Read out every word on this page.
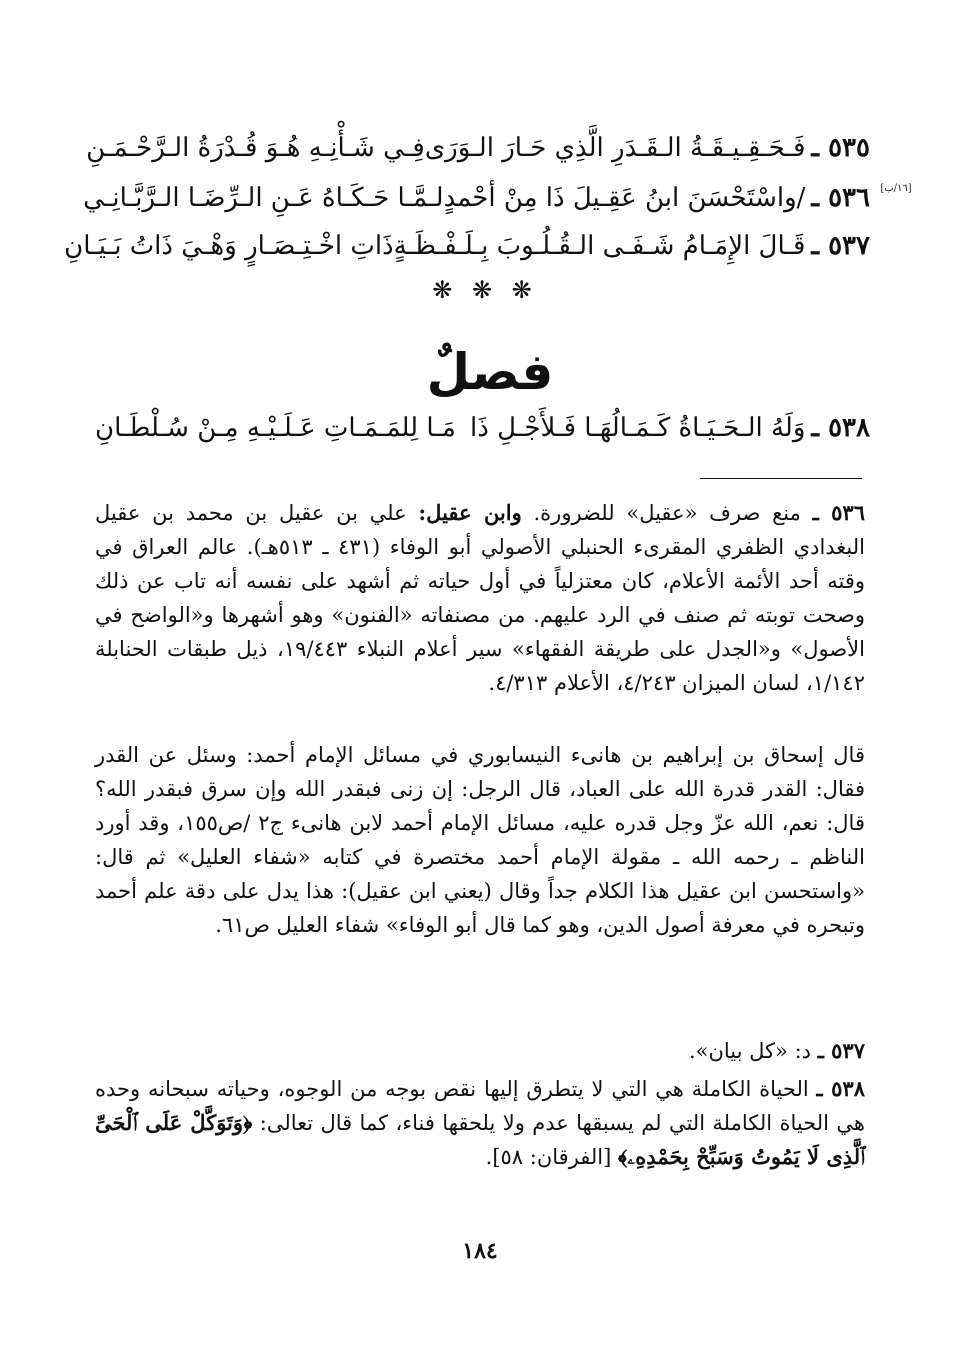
٥٣٥ ـ
فَـحَـقِـيـقَـةُ الـقَـدَرِ الَّذِي حَـارَ الـوَرَى
فِـي شَـأْنِـهِ هُـوَ قُـدْرَةُ الـرَّحْـمَـنِ
[١٦/ب]
٥٣٦ ـ
/واسْتَحْسَنَ ابنُ عَقِـيلَ ذَا مِنْ أحْمدٍ
لـمَّـا حَـكَـاهُ عَـنِ الـرِّضَـا الـرَّبَّـانِـي
٥٣٧ ـ
قَـالَ الإِمَـامُ شَـفَـى الـقُـلُـوبَ بِـلَـفْـظَـةٍ
ذَاتِ اخْـتِـصَـارٍ وَهْـيَ ذَاتُ بَـيَـانِ
❋ ❋ ❋
فصلٌ
٥٣٨ ـ
وَلَهُ الـحَـيَـاةُ كَـمَـالُهَـا فَـلأَجْـلِ ذَا
مَـا لِلمَـمَـاتِ عَـلَـيْـهِ مِـنْ سُـلْطَـانِ
٥٣٦ ـ منع صرف «عقيل» للضرورة. وابن عقيل: علي بن عقيل بن محمد بن عقيل البغدادي الظفري المقرىء الحنبلي الأصولي أبو الوفاء (٤٣١ ـ ٥١٣هـ). عالم العراق في وقته أحد الأئمة الأعلام، كان معتزلياً في أول حياته ثم أشهد على نفسه أنه تاب عن ذلك وصحت توبته ثم صنف في الرد عليهم. من مصنفاته «الفنون» وهو أشهرها و«الواضح في الأصول» و«الجدل على طريقة الفقهاء» سير أعلام النبلاء ١٩/٤٤٣، ذيل طبقات الحنابلة ١/١٤٢، لسان الميزان ٤/٢٤٣، الأعلام ٤/٣١٣.
قال إسحاق بن إبراهيم بن هانىء النيسابوري في مسائل الإمام أحمد: وسئل عن القدر فقال: القدر قدرة الله على العباد، قال الرجل: إن زنى فبقدر الله وإن سرق فبقدر الله؟ قال: نعم، الله عزّ وجل قدره عليه، مسائل الإمام أحمد لابن هانىء ج٢ /ص١٥٥، وقد أورد الناظم ـ رحمه الله ـ مقولة الإمام أحمد مختصرة في كتابه «شفاء العليل» ثم قال: «واستحسن ابن عقيل هذا الكلام جداً وقال (يعني ابن عقيل): هذا يدل على دقة علم أحمد وتبحره في معرفة أصول الدين، وهو كما قال أبو الوفاء» شفاء العليل ص٦١.
٥٣٧ ـ د: «كل بيان».
٥٣٨ ـ الحياة الكاملة هي التي لا يتطرق إليها نقص بوجه من الوجوه، وحياته سبحانه وحده هي الحياة الكاملة التي لم يسبقها عدم ولا يلحقها فناء، كما قال تعالى: ﴿وَتَوَكَّلْ عَلَى ٱلْحَىِّ ٱلَّذِى لَا يَمُوتُ وَسَبِّحْ بِحَمْدِهِۦ﴾ [الفرقان: ٥٨].
١٨٤
